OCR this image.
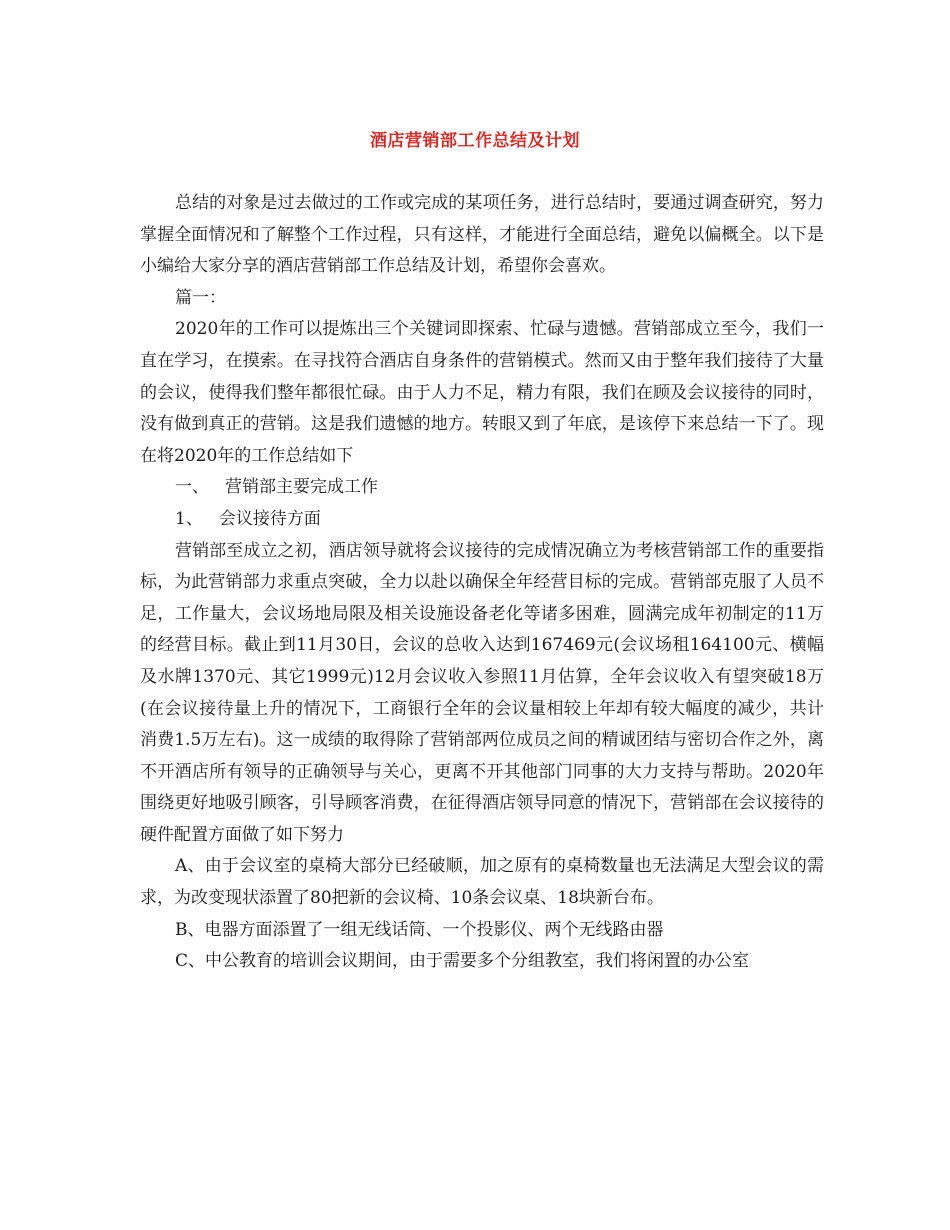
酒店营销部工作总结及计划

总结的对象是过去做过的工作或完成的某项任务，进行总结时，要通过调查研究，努力掌握全面情况和了解整个工作过程，只有这样，才能进行全面总结，避免以偏概全。以下是小编给大家分享的酒店营销部工作总结及计划，希望你会喜欢。

篇一：

2020年的工作可以提炼出三个关键词即探索、忙碌与遗憾。营销部成立至今，我们一直在学习，在摸索。在寻找符合酒店自身条件的营销模式。然而又由于整年我们接待了大量的会议，使得我们整年都很忙碌。由于人力不足，精力有限，我们在顾及会议接待的同时，没有做到真正的营销。这是我们遗憾的地方。转眼又到了年底，是该停下来总结一下了。现在将2020年的工作总结如下

一、 营销部主要完成工作

1、 会议接待方面

营销部至成立之初，酒店领导就将会议接待的完成情况确立为考核营销部工作的重要指标，为此营销部力求重点突破，全力以赴以确保全年经营目标的完成。营销部克服了人员不足，工作量大，会议场地局限及相关设施设备老化等诸多困难，圆满完成年初制定的11万的经营目标。截止到11月30日，会议的总收入达到167469元(会议场租164100元、横幅及水牌1370元、其它1999元)12月会议收入参照11月估算，全年会议收入有望突破18万(在会议接待量上升的情况下，工商银行全年的会议量相较上年却有较大幅度的减少，共计消费1.5万左右)。这一成绩的取得除了营销部两位成员之间的精诚团结与密切合作之外，离不开酒店所有领导的正确领导与关心，更离不开其他部门同事的大力支持与帮助。2020年围绕更好地吸引顾客，引导顾客消费，在征得酒店领导同意的情况下，营销部在会议接待的硬件配置方面做了如下努力

A、由于会议室的桌椅大部分已经破顺，加之原有的桌椅数量也无法满足大型会议的需求，为改变现状添置了80把新的会议椅、10条会议桌、18块新台布。

B、电器方面添置了一组无线话筒、一个投影仪、两个无线路由器

C、中公教育的培训会议期间，由于需要多个分组教室，我们将闲置的办公室
